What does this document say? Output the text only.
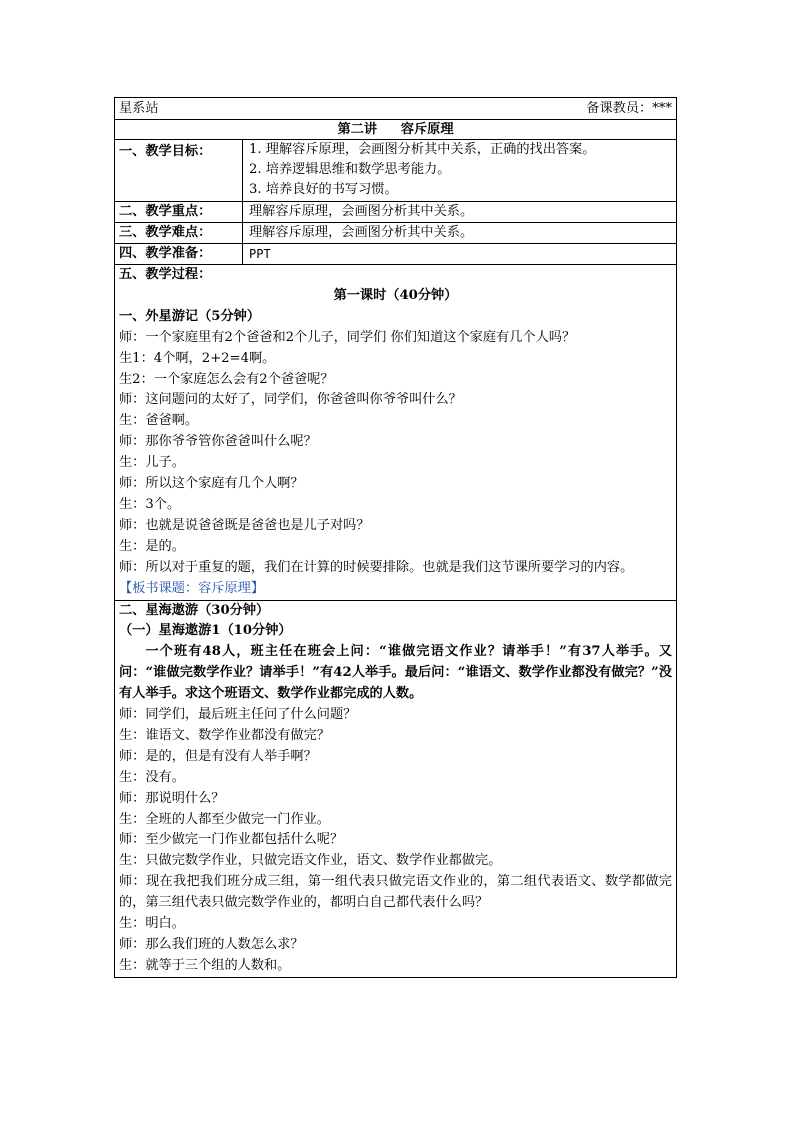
星系站	备课教员：***
第二讲　 容斥原理
一、教学目标：	1. 理解容斥原理，会画图分析其中关系，正确的找出答案。
2. 培养逻辑思维和数学思考能力。
3. 培养良好的书写习惯。
二、教学重点：	理解容斥原理，会画图分析其中关系。
三、教学难点：	理解容斥原理，会画图分析其中关系。
四、教学准备：	PPT

五、教学过程：

第一课时（40分钟）

一、外星游记（5分钟）

师：一个家庭里有2个爸爸和2个儿子，同学们 你们知道这个家庭有几个人吗？

生1：4个啊，2+2=4啊。

生2：一个家庭怎么会有2个爸爸呢？

师：这问题问的太好了，同学们，你爸爸叫你爷爷叫什么？

生：爸爸啊。

师：那你爷爷管你爸爸叫什么呢？

生：儿子。

师：所以这个家庭有几个人啊？

生：3个。

师：也就是说爸爸既是爸爸也是儿子对吗？

生：是的。

师：所以对于重复的题，我们在计算的时候要排除。也就是我们这节课所要学习的内容。

【板书课题：容斥原理】

二、星海遨游（30分钟）

（一）星海遨游1（10分钟）

一个班有48人，班主任在班会上问：“谁做完语文作业？请举手！”有37人举手。又问：“谁做完数学作业？请举手！”有42人举手。最后问：“谁语文、数学作业都没有做完？”没有人举手。求这个班语文、数学作业都完成的人数。

师：同学们，最后班主任问了什么问题？

生：谁语文、数学作业都没有做完？

师：是的，但是有没有人举手啊？

生：没有。

师：那说明什么？

生：全班的人都至少做完一门作业。

师：至少做完一门作业都包括什么呢？

生：只做完数学作业，只做完语文作业，语文、数学作业都做完。

师：现在我把我们班分成三组，第一组代表只做完语文作业的，第二组代表语文、数学都做完的，第三组代表只做完数学作业的，都明白自己都代表什么吗？

生：明白。

师：那么我们班的人数怎么求？

生：就等于三个组的人数和。
